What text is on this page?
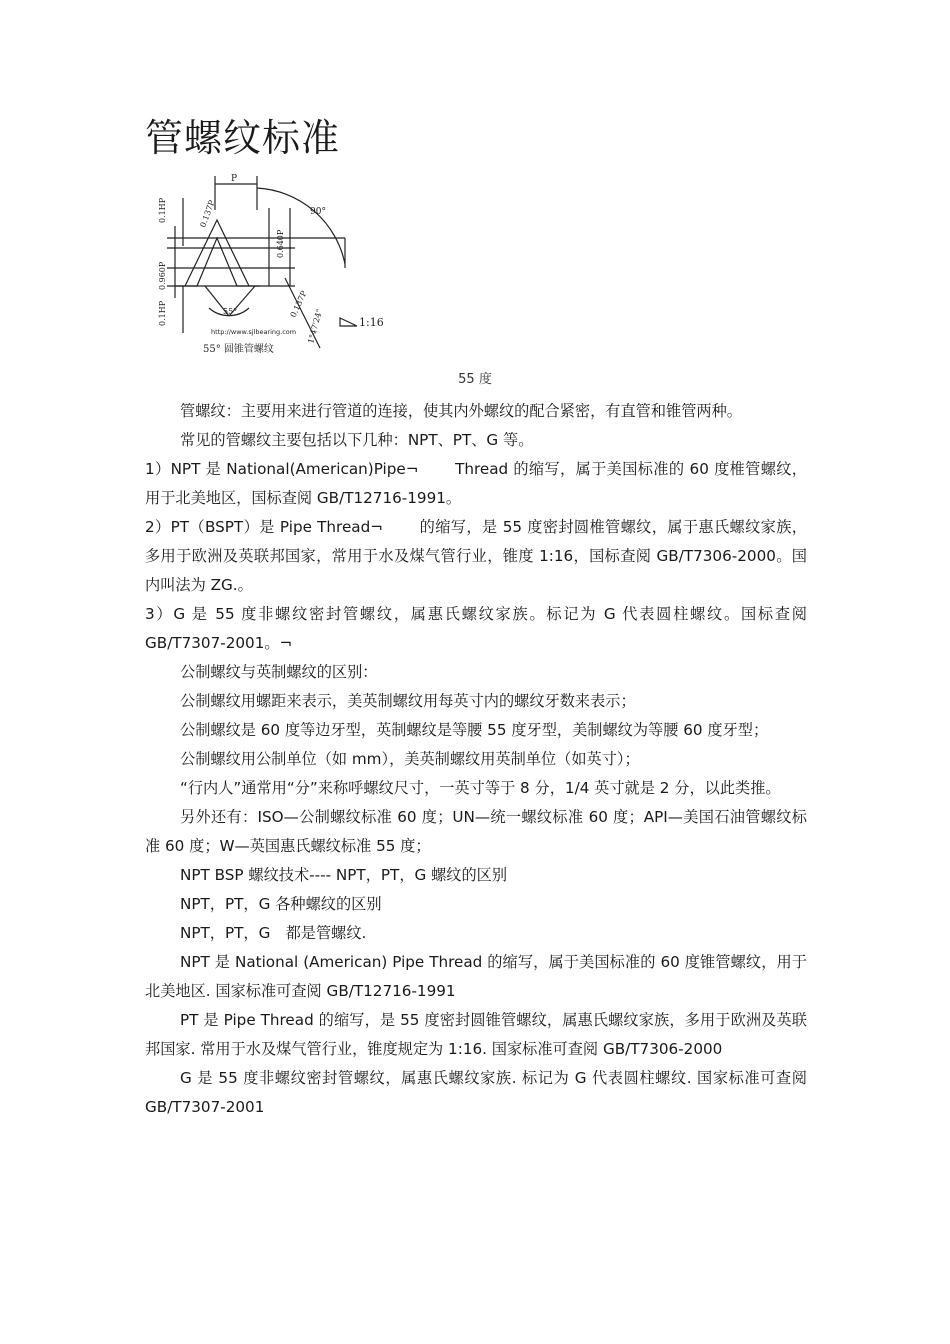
管螺纹标准
P
90°
0.137P
0.1HP
0.640P
0.960P
0.1HP	0.137P
55°	1°47'24"	1:16
http://www.sjlbearing.com
55° 圆锥管螺纹
55 度

管螺纹：主要用来进行管道的连接，使其内外螺纹的配合紧密，有直管和锥管两种。

常见的管螺纹主要包括以下几种：NPT、PT、G 等。

1）NPT 是 National(American)Pipe¬　　 Thread 的缩写，属于美国标准的 60 度椎管螺纹，用于北美地区，国标查阅 GB/T12716-1991。

2）PT（BSPT）是 Pipe Thread¬　　 的缩写，是 55 度密封圆椎管螺纹，属于惠氏螺纹家族，多用于欧洲及英联邦国家，常用于水及煤气管行业，锥度 1:16，国标查阅 GB/T7306-2000。国内叫法为 ZG.。

3）G 是 55 度非螺纹密封管螺纹，属惠氏螺纹家族。标记为 G 代表圆柱螺纹。国标查阅 GB/T7307-2001。¬

公制螺纹与英制螺纹的区别：

公制螺纹用螺距来表示，美英制螺纹用每英寸内的螺纹牙数来表示；

公制螺纹是 60 度等边牙型，英制螺纹是等腰 55 度牙型，美制螺纹为等腰 60 度牙型；

公制螺纹用公制单位（如 mm），美英制螺纹用英制单位（如英寸）；

“行内人”通常用“分”来称呼螺纹尺寸，一英寸等于 8 分，1/4 英寸就是 2 分，以此类推。

另外还有：ISO—公制螺纹标准 60 度；UN—统一螺纹标准 60 度；API—美国石油管螺纹标准 60 度；W—英国惠氏螺纹标准 55 度；

NPT BSP 螺纹技术---- NPT，PT，G 螺纹的区别

NPT，PT，G 各种螺纹的区别

NPT，PT，G　都是管螺纹.

NPT 是 National (American) Pipe Thread 的缩写，属于美国标准的 60 度锥管螺纹，用于北美地区. 国家标准可查阅 GB/T12716-1991

PT 是 Pipe Thread 的缩写，是 55 度密封圆锥管螺纹，属惠氏螺纹家族，多用于欧洲及英联邦国家. 常用于水及煤气管行业，锥度规定为 1:16. 国家标准可查阅 GB/T7306-2000

G 是 55 度非螺纹密封管螺纹，属惠氏螺纹家族. 标记为 G 代表圆柱螺纹. 国家标准可查阅 GB/T7307-2001
